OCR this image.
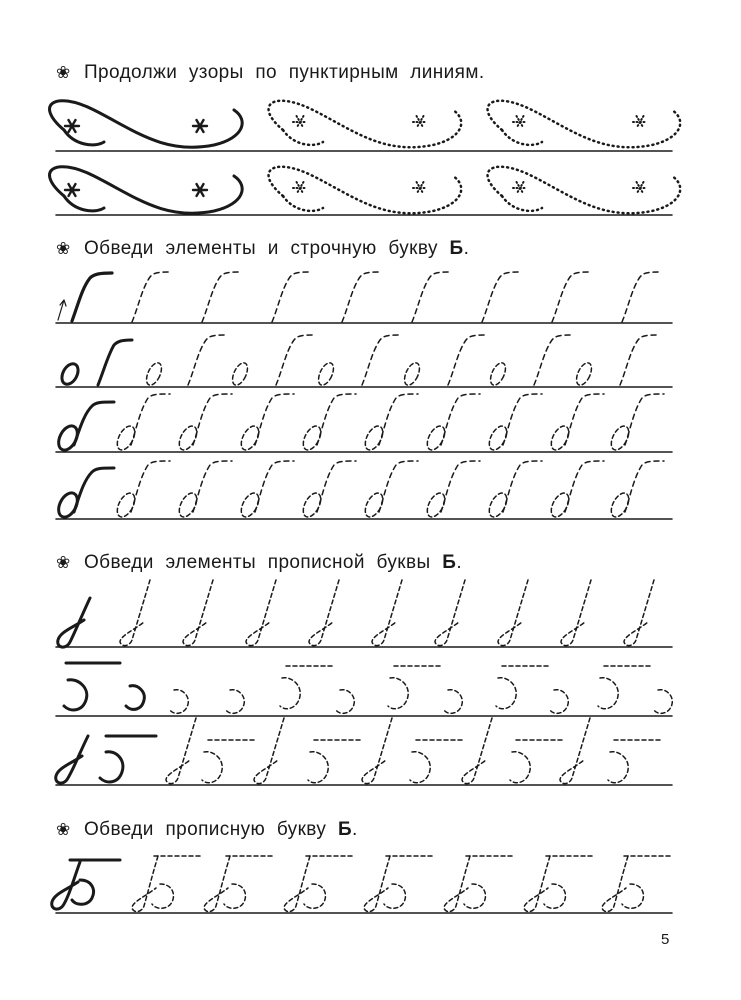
❀ Продолжи узоры по пунктирным линиям.
❀ Обведи элементы и строчную букву Б.
❀ Обведи элементы прописной буквы Б.
❀ Обведи прописную букву Б.
5
